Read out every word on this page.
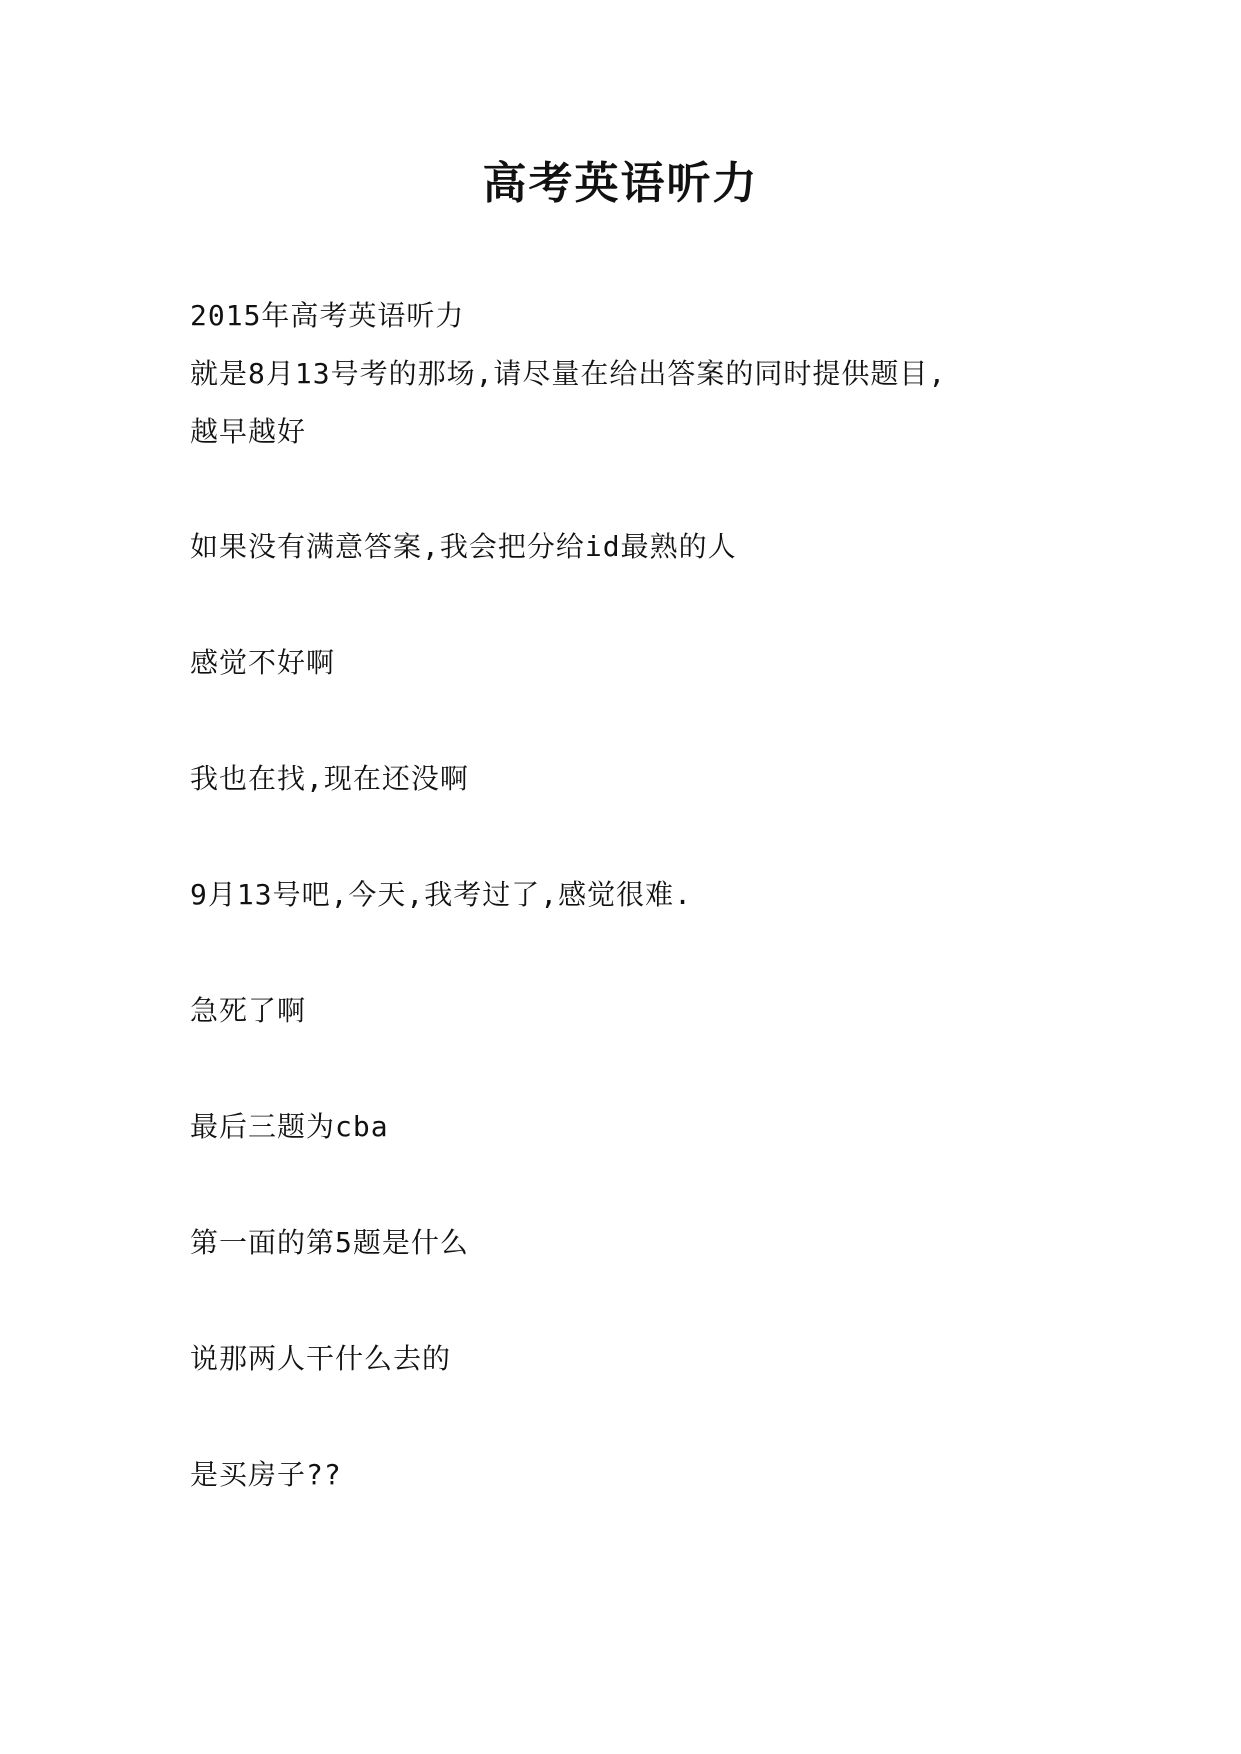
高考英语听力

2015年高考英语听力

就是8月13号考的那场,请尽量在给出答案的同时提供题目,

越早越好

如果没有满意答案,我会把分给id最熟的人

感觉不好啊

我也在找,现在还没啊

9月13号吧,今天,我考过了,感觉很难.

急死了啊

最后三题为cba

第一面的第5题是什么

说那两人干什么去的

是买房子??
